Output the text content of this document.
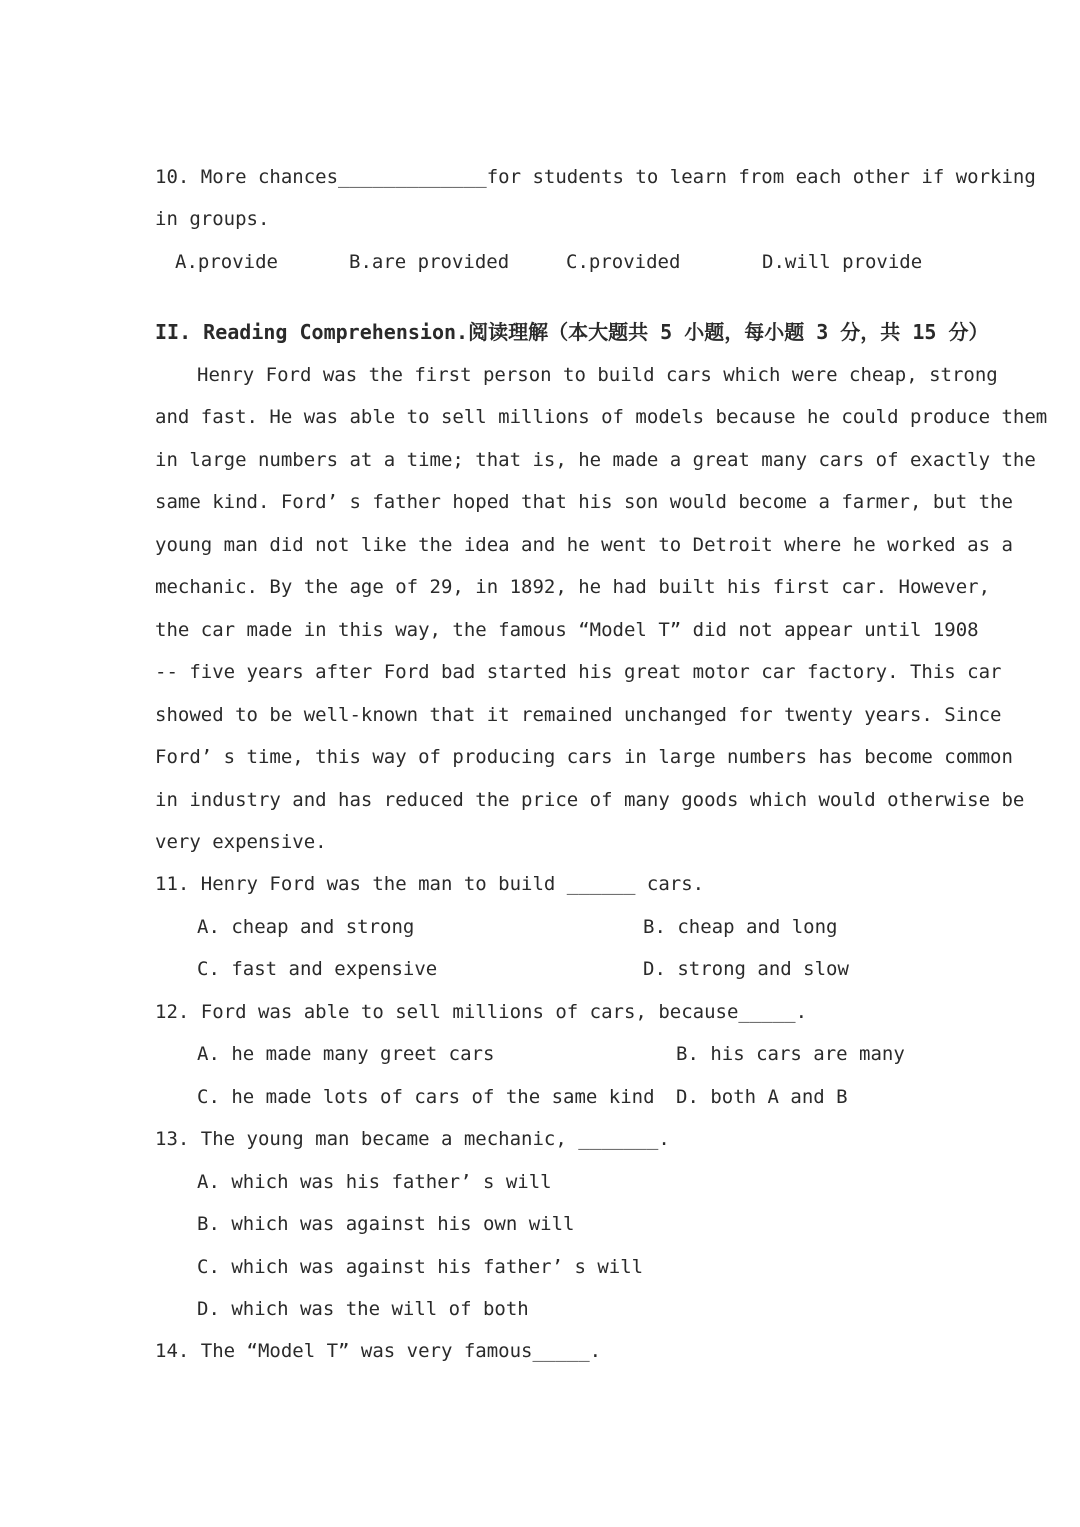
10. More chances_____________for students to learn from each other if working
in groups.
A.provide	B.are provided	C.provided	D.will provide
II. Reading Comprehension.阅读理解（本大题共 5 小题，每小题 3 分，共 15 分）
Henry Ford was the first person to build cars which were cheap, strong
and fast. He was able to sell millions of models because he could produce them
in large numbers at a time; that is, he made a great many cars of exactly the
same kind. Ford’ s father hoped that his son would become a farmer, but the
young man did not like the idea and he went to Detroit where he worked as a
mechanic. By the age of 29, in 1892, he had built his first car. However,
the car made in this way, the famous “Model T” did not appear until 1908
-- five years after Ford bad started his great motor car factory. This car
showed to be well-known that it remained unchanged for twenty years. Since
Ford’ s time, this way of producing cars in large numbers has become common
in industry and has reduced the price of many goods which would otherwise be
very expensive.
11. Henry Ford was the man to build ______ cars.
A. cheap and strong	B. cheap and long
C. fast and expensive	D. strong and slow
12. Ford was able to sell millions of cars, because_____.
A. he made many greet cars	B. his cars are many
C. he made lots of cars of the same kind D. both A and B
13. The young man became a mechanic, _______.
A. which was his father’ s will
B. which was against his own will
C. which was against his father’ s will
D. which was the will of both
14. The “Model T” was very famous_____.
